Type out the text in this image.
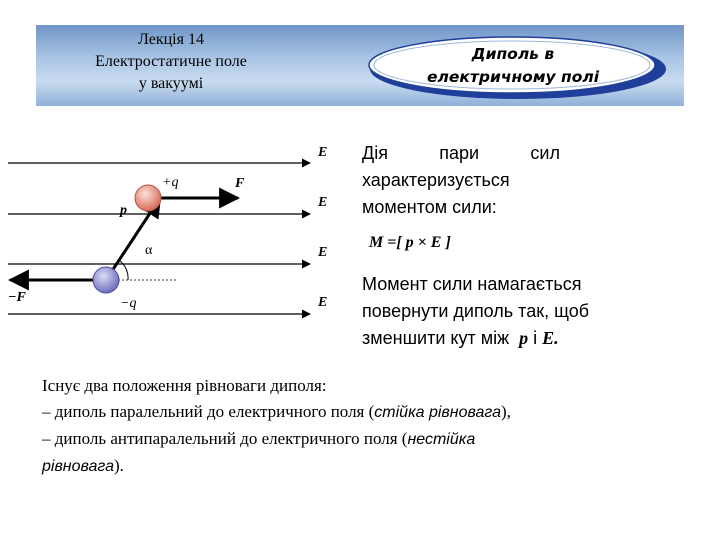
Лекція 14
Електростатичне поле
у вакуумі
Диполь в
електричному полі
E
E
E
E
+q
−q
F
−F
p
α
Дія	пари	сил
характеризується
моментом сили:
M =[ p × E ]
Момент сили намагається
повернути диполь так, щоб
зменшити кут між p і E.
Існує два положення рівноваги диполя:
– диполь паралельний до електричного поля (стійка рівновага),
– диполь антипаралельний до електричного поля (нестійка
рівновага).
